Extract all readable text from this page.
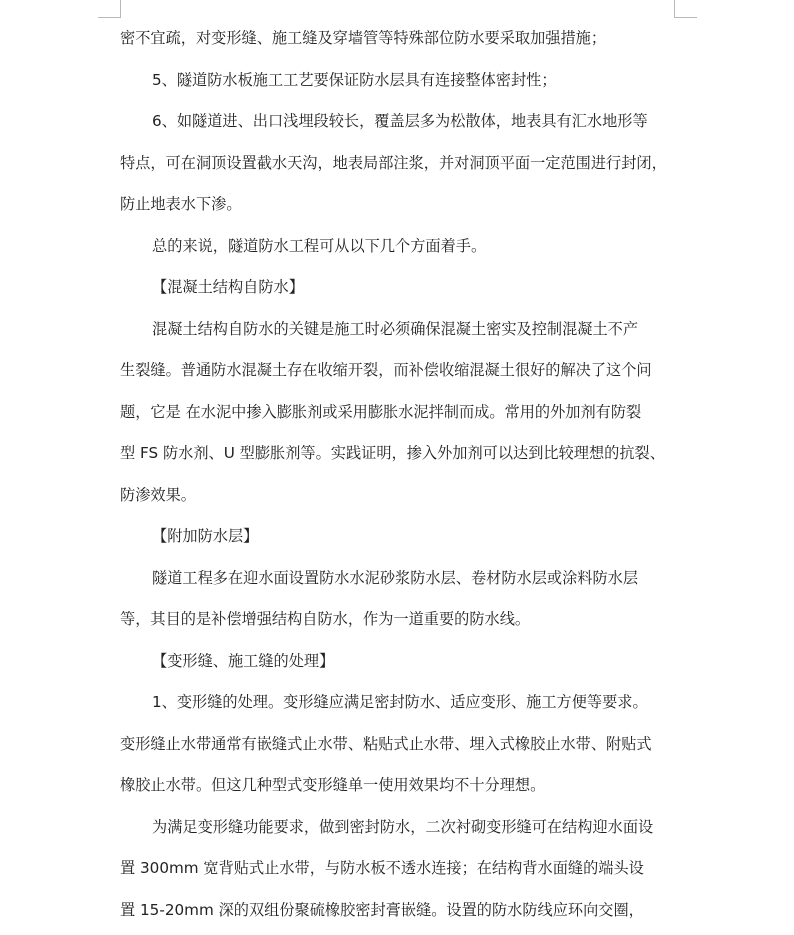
密不宜疏，对变形缝、施工缝及穿墙管等特殊部位防水要采取加强措施；

5、隧道防水板施工工艺要保证防水层具有连接整体密封性；

6、如隧道进、出口浅埋段较长，覆盖层多为松散体，地表具有汇水地形等
特点，可在洞顶设置截水天沟，地表局部注浆，并对洞顶平面一定范围进行封闭，
防止地表水下渗。

总的来说，隧道防水工程可从以下几个方面着手。

【混凝土结构自防水】

混凝土结构自防水的关键是施工时必须确保混凝土密实及控制混凝土不产
生裂缝。普通防水混凝土存在收缩开裂，而补偿收缩混凝土很好的解决了这个问
题，它是 在水泥中掺入膨胀剂或采用膨胀水泥拌制而成。常用的外加剂有防裂
型 FS 防水剂、U 型膨胀剂等。实践证明，掺入外加剂可以达到比较理想的抗裂、
防渗效果。

【附加防水层】

隧道工程多在迎水面设置防水水泥砂浆防水层、卷材防水层或涂料防水层
等，其目的是补偿增强结构自防水，作为一道重要的防水线。

【变形缝、施工缝的处理】

1、变形缝的处理。变形缝应满足密封防水、适应变形、施工方便等要求。
变形缝止水带通常有嵌缝式止水带、粘贴式止水带、埋入式橡胶止水带、附贴式
橡胶止水带。但这几种型式变形缝单一使用效果均不十分理想。

为满足变形缝功能要求，做到密封防水，二次衬砌变形缝可在结构迎水面设
置 300mm 宽背贴式止水带，与防水板不透水连接；在结构背水面缝的端头设
置 15-20mm 深的双组份聚硫橡胶密封膏嵌缝。设置的防水防线应环向交圈，
